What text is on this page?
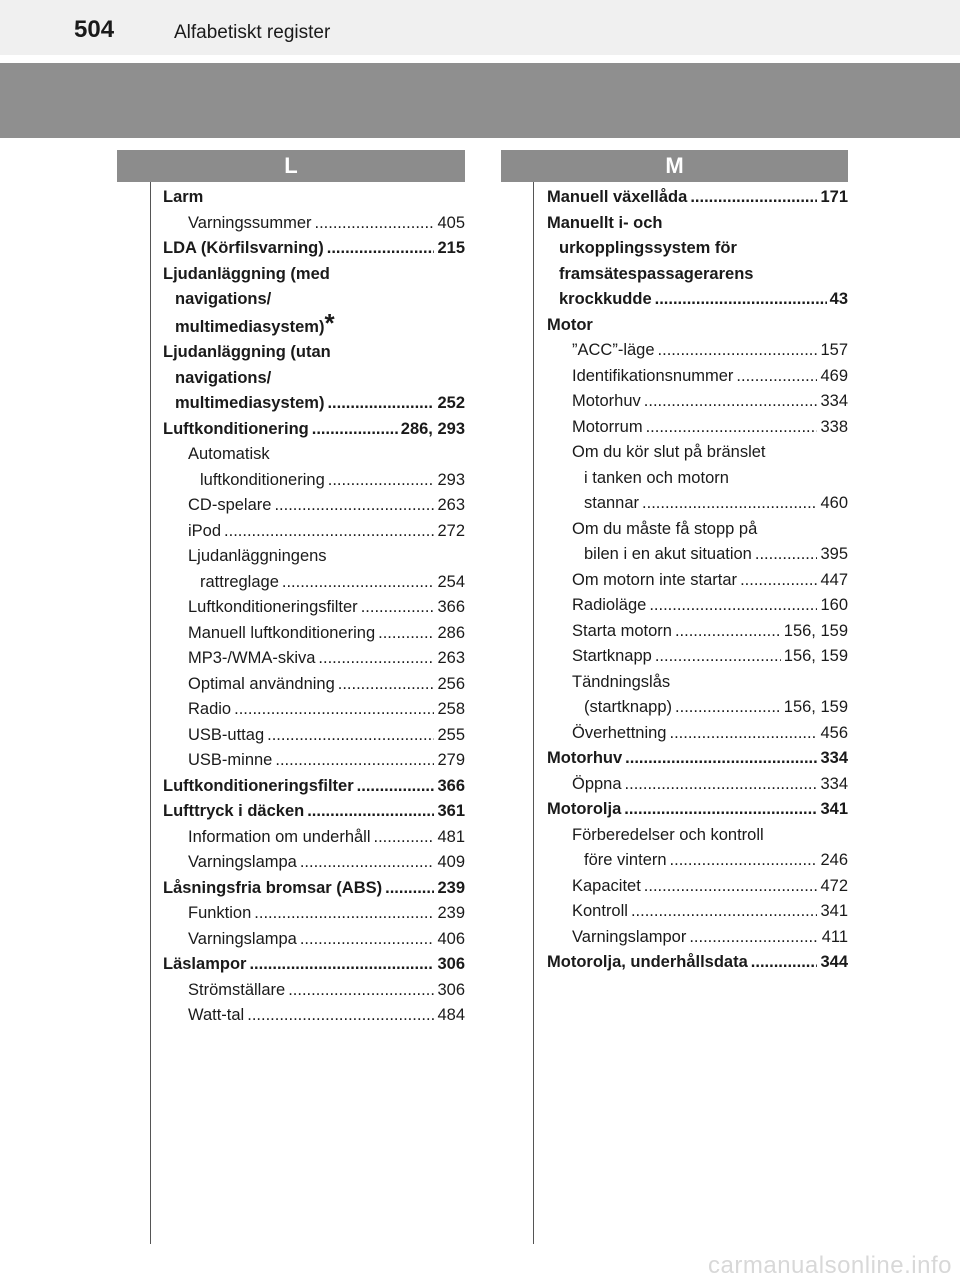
504	Alfabetiskt register
L	M
Larm
Varningssummer .....	405
LDA (Körfilsvarning) .....	215
Ljudanläggning (med
navigations/
multimediasystem) *
Ljudanläggning (utan
navigations/
multimediasystem) .....	252
Luftkonditionering .....	286, 293
Automatisk
luftkonditionering .....	293
CD-spelare .....	263
iPod .....	272
Ljudanläggningens
rattreglage .....	254
Luftkonditioneringsfilter .....	366
Manuell luftkonditionering .....	286
MP3-/WMA-skiva .....	263
Optimal användning .....	256
Radio .....	258
USB-uttag .....	255
USB-minne .....	279
Luftkonditioneringsfilter .....	366
Lufttryck i däcken .....	361
Information om underhåll .....	481
Varningslampa .....	409
Låsningsfria bromsar (ABS) .....	239
Funktion .....	239
Varningslampa .....	406
Läslampor .....	306
Strömställare .....	306
Watt-tal .....	484
Manuell växellåda .....	171
Manuellt i- och
urkopplingssystem för
framsätespassagerarens
krockkudde .....	43
Motor
”ACC”-läge .....	157
Identifikationsnummer .....	469
Motorhuv .....	334
Motorrum .....	338
Om du kör slut på bränslet
i tanken och motorn
stannar .....	460
Om du måste få stopp på
bilen i en akut situation .....	395
Om motorn inte startar .....	447
Radioläge .....	160
Starta motorn .....	156, 159
Startknapp .....	156, 159
Tändningslås
(startknapp) .....	156, 159
Överhettning .....	456
Motorhuv .....	334
Öppna .....	334
Motorolja .....	341
Förberedelser och kontroll
före vintern .....	246
Kapacitet .....	472
Kontroll .....	341
Varningslampor .....	411
Motorolja, underhållsdata .....	344
carmanualsonline.info
